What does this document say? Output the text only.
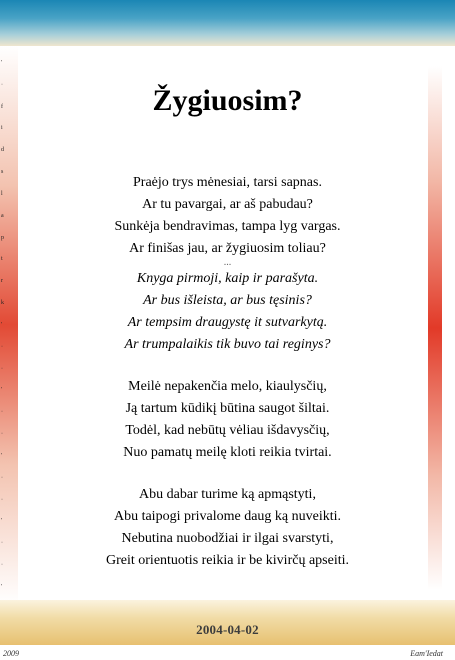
'
·
f
i
d
s
l
a
p
t
r
k
'
·
·
'
·
·
'
·
·
'
·
·
'
Žygiuosim?
Praėjo trys mėnesiai, tarsi sapnas.
Ar tu pavargai, ar aš pabudau?
Sunkėja bendravimas, tampa lyg vargas.
Ar finišas jau, ar žygiuosim toliau?
...
Knyga pirmoji, kaip ir parašyta.
Ar bus išleista, ar bus tęsinis?
Ar tempsim draugystę it sutvarkytą.
Ar trumpalaikis tik buvo tai reginys?
Meilė nepakenčia melo, kiaulysčių,
Ją tartum kūdikį būtina saugot šiltai.
Todėl, kad nebūtų vėliau išdavysčių,
Nuo pamatų meilę kloti reikia tvirtai.
Abu dabar turime ką apmąstyti,
Abu taipogi privalome daug ką nuveikti.
Nebutina nuobodžiai ir ilgai svarstyti,
Greit orientuotis reikia ir be kivirčų apseiti.
2004-04-02
2009	Eam'Iedat
